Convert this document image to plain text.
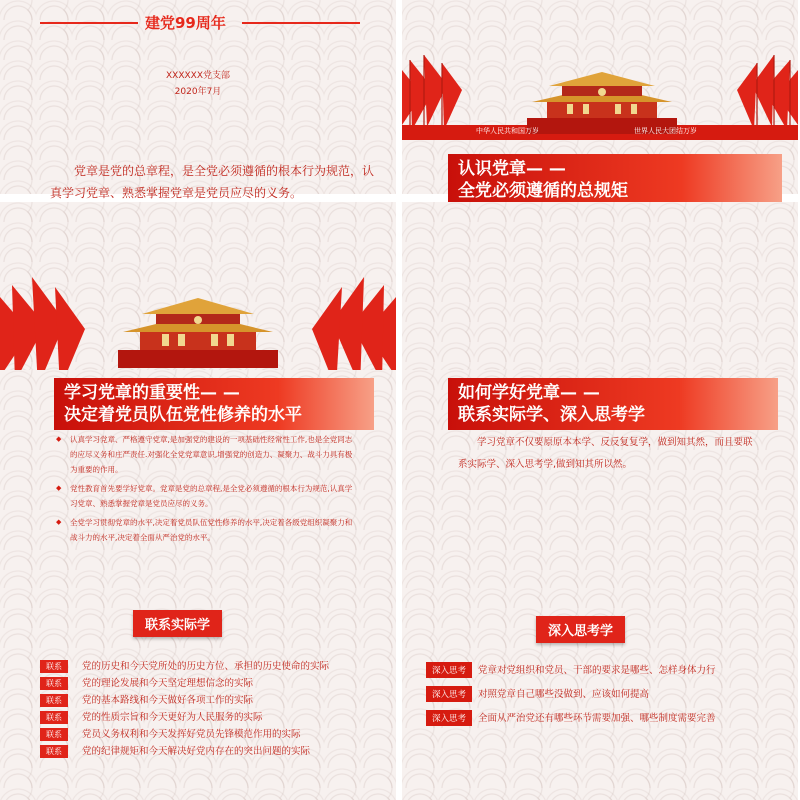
建党99周年
XXXXXX党支部
2020年7月
党章是党的总章程，是全党必须遵循的根本行为规范，认真学习党章、熟悉掌握党章是党员应尽的义务。
中华人民共和国万岁	世界人民大团结万岁
认识党章— —
全党必须遵循的总规矩
学习党章的重要性— —
决定着党员队伍党性修养的水平
◆ 认真学习党章、严格遵守党章,是加强党的建设的一项基础性经常性工作,也是全党同志的应尽义务和庄严责任.对强化全党党章意识,增强党的创造力、凝聚力、战斗力具有极为重要的作用。
◆ 党性教育首先要学好党章。党章是党的总章程,是全党必须遵循的根本行为规范,认真学习党章、熟悉掌握党章是党员应尽的义务。
◆ 全党学习贯彻党章的水平,决定着党员队伍党性修养的水平,决定着各级党组织凝聚力和战斗力的水平,决定着全面从严治党的水平。
如何学好党章— —
联系实际学、深入思考学
学习党章不仅要原原本本学、反反复复学，做到知其然，而且要联系实际学、深入思考学,做到知其所以然。
联系实际学
联系 党的历史和今天党所处的历史方位、承担的历史使命的实际
联系 党的理论发展和今天坚定理想信念的实际
联系 党的基本路线和今天做好各项工作的实际
联系 党的性质宗旨和今天更好为人民服务的实际
联系 党员义务权利和今天发挥好党员先锋模范作用的实际
联系 党的纪律规矩和今天解决好党内存在的突出问题的实际
深入思考学
深入思考 党章对党组织和党员、干部的要求是哪些、怎样身体力行
深入思考 对照党章自己哪些没做到、应该如何提高
深入思考 全面从严治党还有哪些环节需要加强、哪些制度需要完善
